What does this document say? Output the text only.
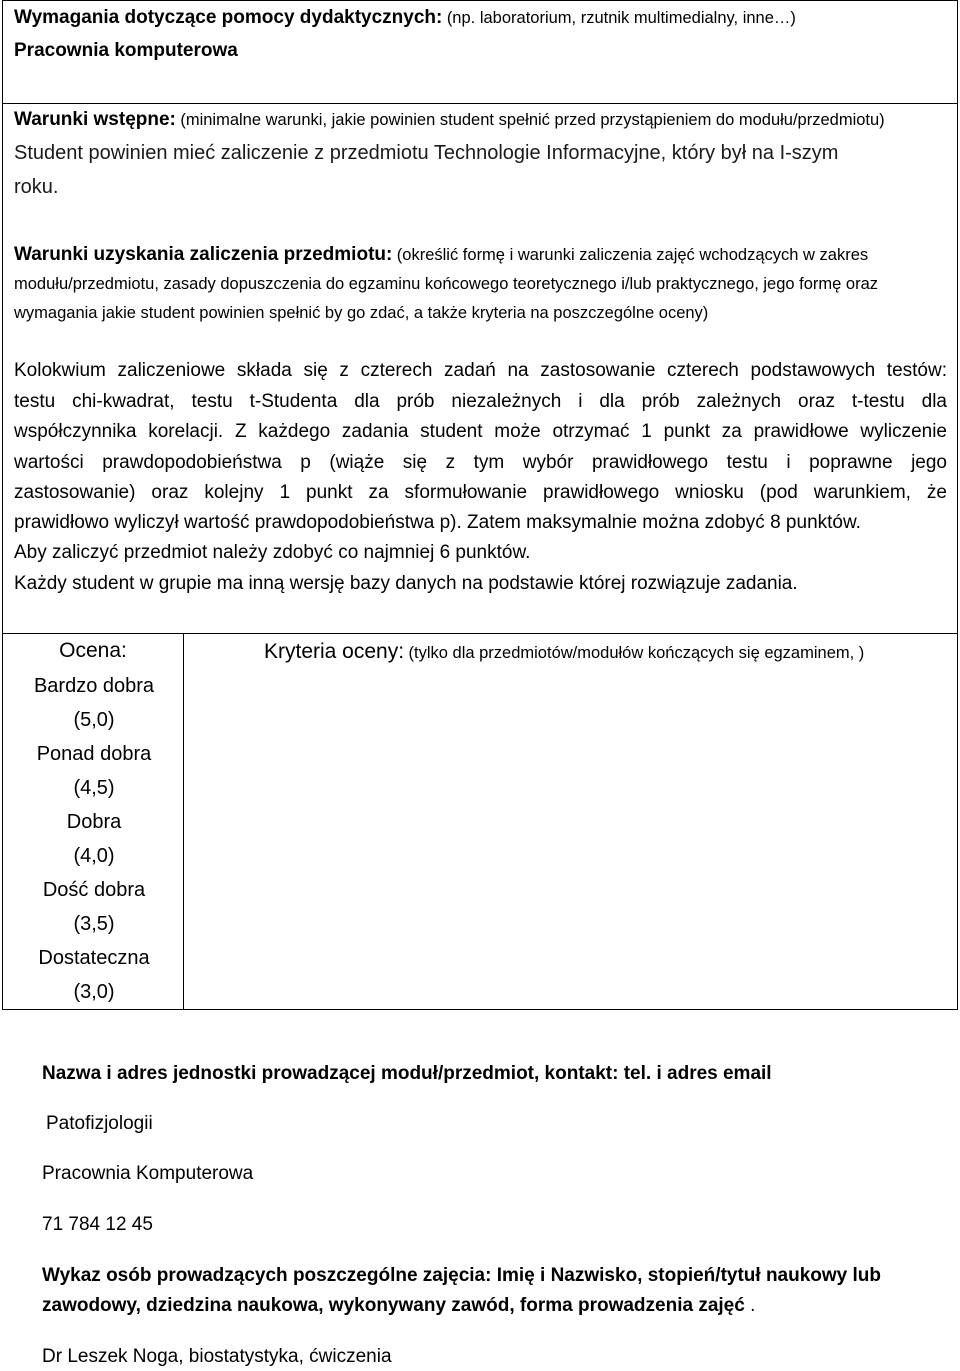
Wymagania dotyczące pomocy dydaktycznych: (np. laboratorium, rzutnik multimedialny, inne…)
Pracownia komputerowa
Warunki wstępne: (minimalne warunki, jakie powinien student spełnić przed przystąpieniem do modułu/przedmiotu)
Student powinien mieć zaliczenie z przedmiotu Technologie Informacyjne, który był na I-szym
roku.
Warunki uzyskania zaliczenia przedmiotu: (określić formę i warunki zaliczenia zajęć wchodzących w zakres
modułu/przedmiotu, zasady dopuszczenia do egzaminu końcowego teoretycznego i/lub praktycznego, jego formę oraz
wymagania jakie student powinien spełnić by go zdać, a także kryteria na poszczególne oceny)
Kolokwium zaliczeniowe składa się z czterech zadań na zastosowanie czterech podstawowych testów:
testu chi-kwadrat, testu t-Studenta dla prób niezależnych i dla prób zależnych oraz t-testu dla
współczynnika korelacji. Z każdego zadania student może otrzymać 1 punkt za prawidłowe wyliczenie
wartości prawdopodobieństwa p (wiąże się z tym wybór prawidłowego testu i poprawne jego
zastosowanie) oraz kolejny 1 punkt za sformułowanie prawidłowego wniosku (pod warunkiem, że
prawidłowo wyliczył wartość prawdopodobieństwa p). Zatem maksymalnie można zdobyć 8 punktów.
Aby zaliczyć przedmiot należy zdobyć co najmniej 6 punktów.
Każdy student w grupie ma inną wersję bazy danych na podstawie której rozwiązuje zadania.
Ocena:	Kryteria oceny: (tylko dla przedmiotów/modułów kończących się egzaminem, )
Bardzo dobra
(5,0)
Ponad dobra
(4,5)
Dobra
(4,0)
Dość dobra
(3,5)
Dostateczna
(3,0)
Nazwa i adres jednostki prowadzącej moduł/przedmiot, kontakt: tel. i adres email
Patofizjologii
Pracownia Komputerowa
71 784 12 45
Wykaz osób prowadzących poszczególne zajęcia: Imię i Nazwisko, stopień/tytuł naukowy lub
zawodowy, dziedzina naukowa, wykonywany zawód, forma prowadzenia zajęć .
Dr Leszek Noga, biostatystyka, ćwiczenia
